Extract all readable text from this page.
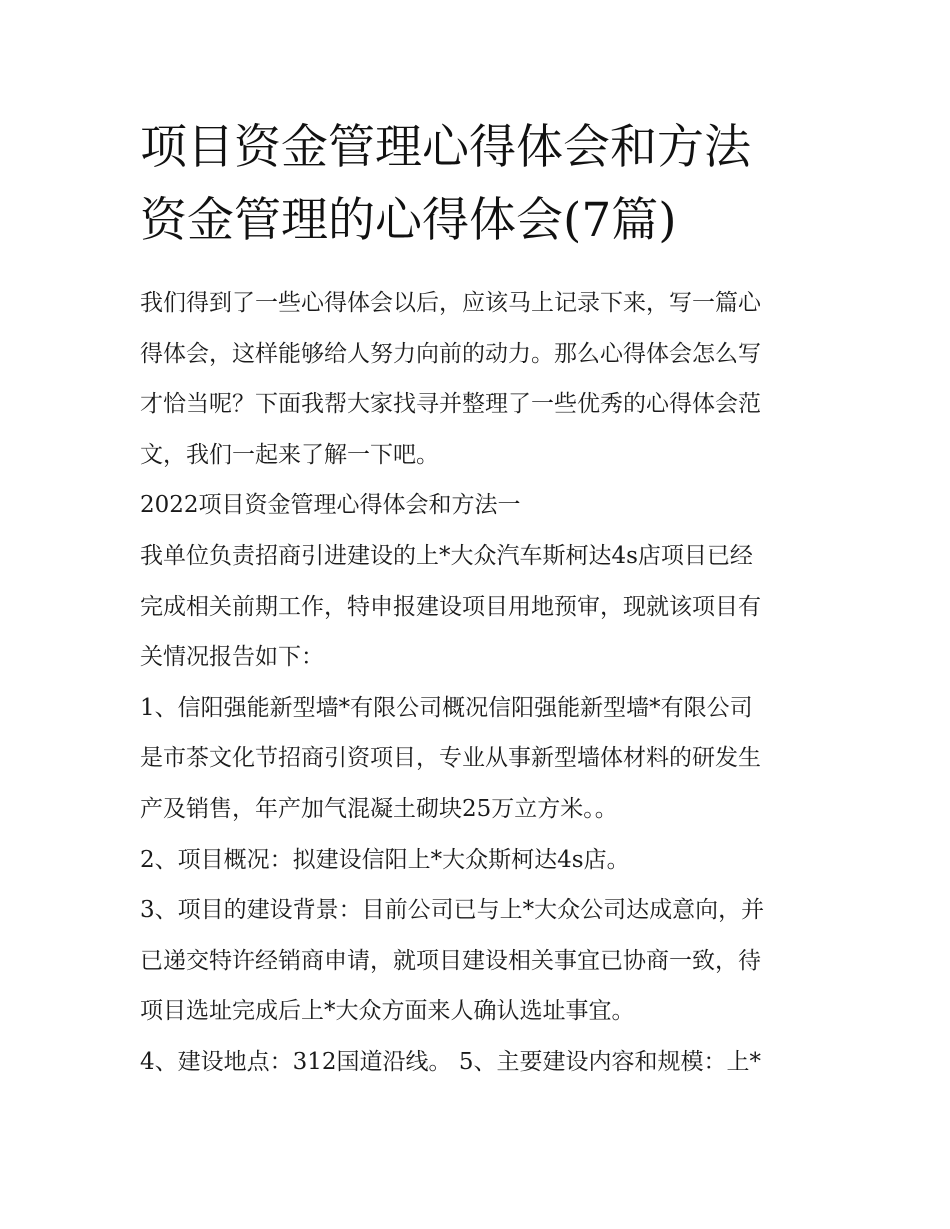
项目资金管理心得体会和方法
资金管理的心得体会(7篇)
我们得到了一些心得体会以后，应该马上记录下来，写一篇心
得体会，这样能够给人努力向前的动力。那么心得体会怎么写
才恰当呢？下面我帮大家找寻并整理了一些优秀的心得体会范
文，我们一起来了解一下吧。
2022项目资金管理心得体会和方法一
我单位负责招商引进建设的上*大众汽车斯柯达4s店项目已经
完成相关前期工作，特申报建设项目用地预审，现就该项目有
关情况报告如下：
1、信阳强能新型墙*有限公司概况信阳强能新型墙*有限公司
是市茶文化节招商引资项目，专业从事新型墙体材料的研发生
产及销售，年产加气混凝土砌块25万立方米。。
2、项目概况：拟建设信阳上*大众斯柯达4s店。
3、项目的建设背景：目前公司已与上*大众公司达成意向，并
已递交特许经销商申请，就项目建设相关事宜已协商一致，待
项目选址完成后上*大众方面来人确认选址事宜。
4、建设地点：312国道沿线。 5、主要建设内容和规模：上*
